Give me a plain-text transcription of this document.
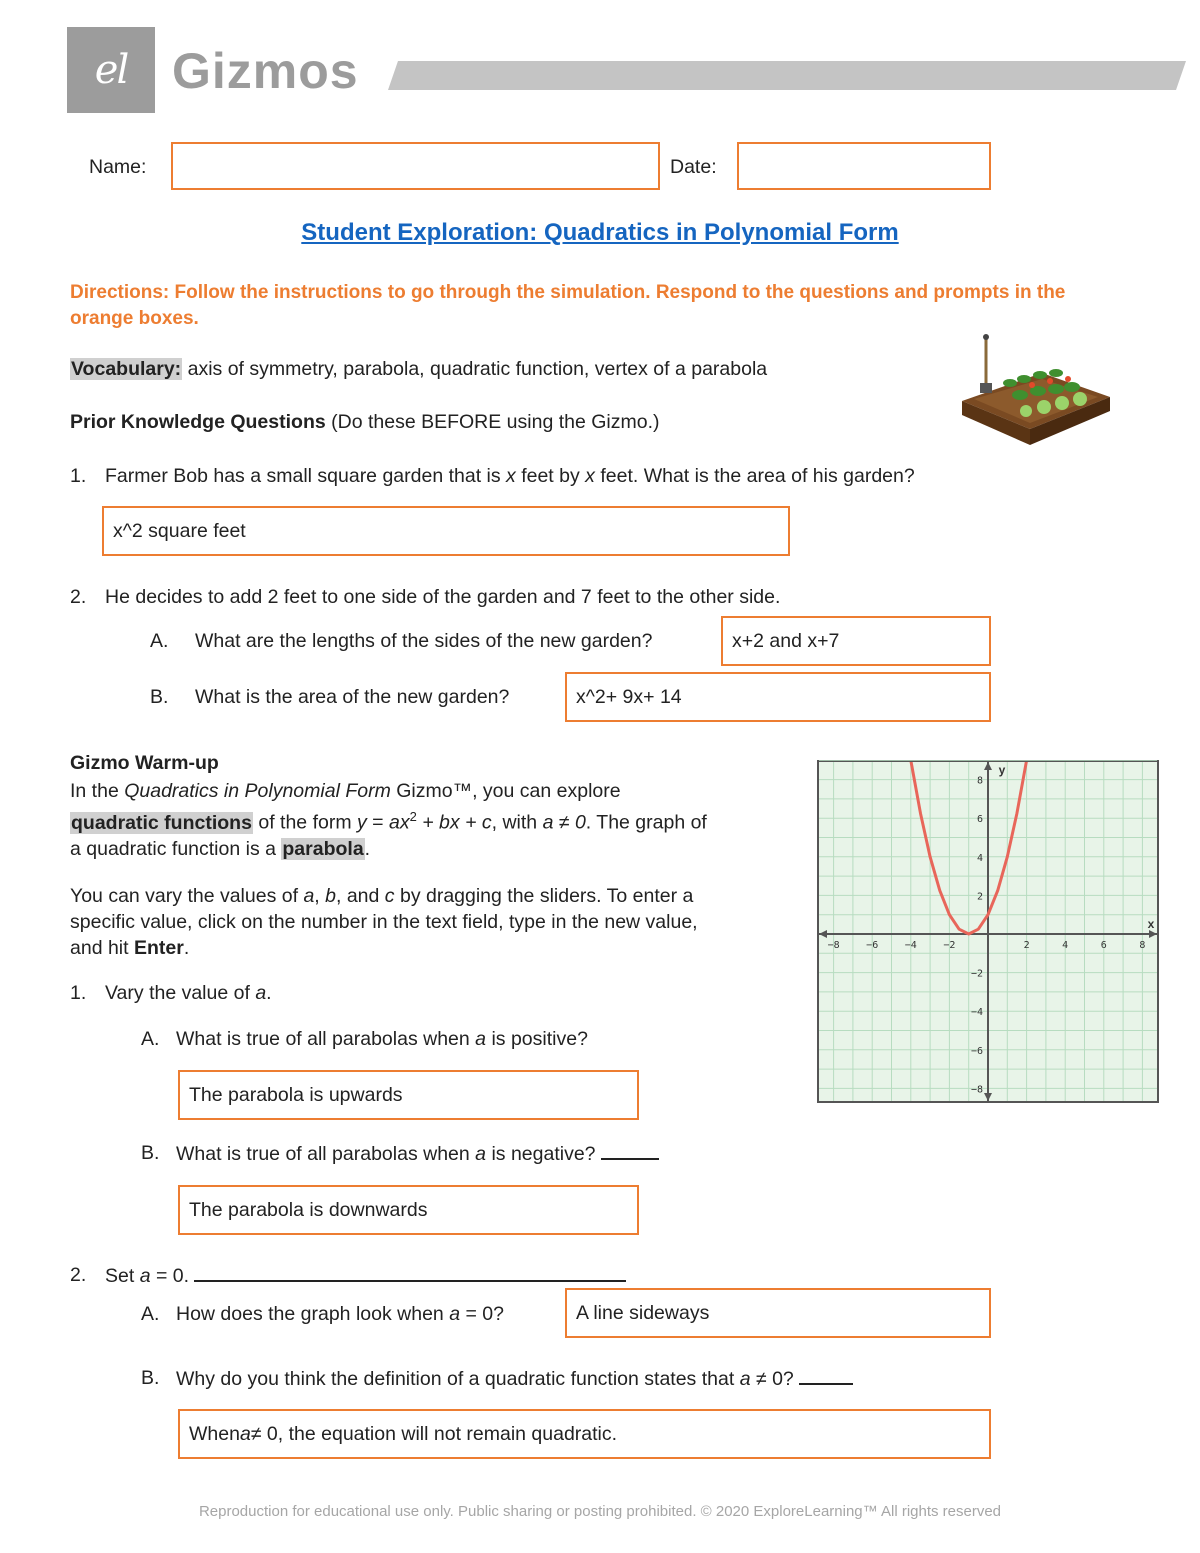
el Gizmos
Name:	Date:
Student Exploration: Quadratics in Polynomial Form
Directions: Follow the instructions to go through the simulation. Respond to the questions and prompts in the orange boxes.
Vocabulary: axis of symmetry, parabola, quadratic function, vertex of a parabola
Prior Knowledge Questions (Do these BEFORE using the Gizmo.)
1. Farmer Bob has a small square garden that is x feet by x feet. What is the area of his garden?
x^2 square feet
2. He decides to add 2 feet to one side of the garden and 7 feet to the other side.
A. What are the lengths of the sides of the new garden?	x+2 and x+7
B. What is the area of the new garden?	x^2+ 9x+ 14
Gizmo Warm-up
In the Quadratics in Polynomial Form Gizmo™, you can explore
quadratic functions of the form $y = ax^2$ + bx + c, with a ≠ 0. The graph of
a quadratic function is a parabola.
You can vary the values of a, b, and c by dragging the sliders. To enter a
specific value, click on the number in the text field, type in the new value,
and hit Enter.
1. Vary the value of a.
A. What is true of all parabolas when a is positive?
The parabola is upwards
B. What is true of all parabolas when a is negative?
The parabola is downwards
2. Set a = 0.
A. How does the graph look when a = 0?	A line sideways
B. Why do you think the definition of a quadratic function states that a ≠ 0?
When a ≠ 0, the equation will not remain quadratic.
−8	−6	−4	−2	2	4	6	8
8
6
4
2
−2
−4
−6
−8
x
y
Reproduction for educational use only. Public sharing or posting prohibited. © 2020 ExploreLearning™ All rights reserved
